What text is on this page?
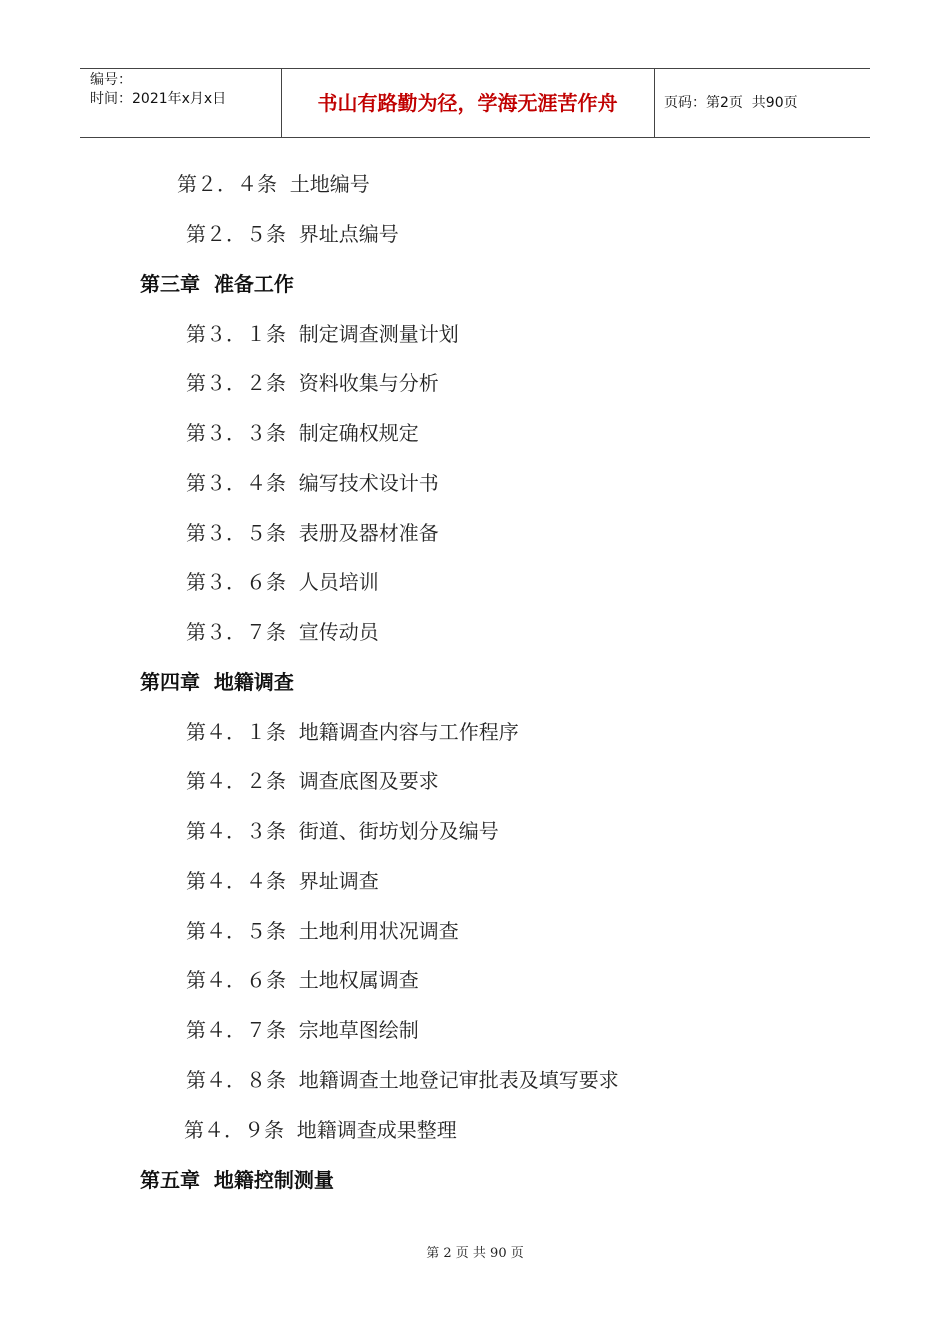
编号：
时间：2021年x月x日	书山有路勤为径，学海无涯苦作舟	页码：第2页  共90页
第２．４条  土地编号
第２．５条  界址点编号
第三章  准备工作
第３．１条  制定调查测量计划
第３．２条  资料收集与分析
第３．３条  制定确权规定
第３．４条  编写技术设计书
第３．５条  表册及器材准备
第３．６条  人员培训
第３．７条  宣传动员
第四章  地籍调查
第４．１条  地籍调查内容与工作程序
第４．２条  调查底图及要求
第４．３条  街道、街坊划分及编号
第４．４条  界址调查
第４．５条  土地利用状况调查
第４．６条  土地权属调查
第４．７条  宗地草图绘制
第４．８条  地籍调查土地登记审批表及填写要求
第４．９条  地籍调查成果整理
第五章  地籍控制测量
第 2 页 共 90 页
